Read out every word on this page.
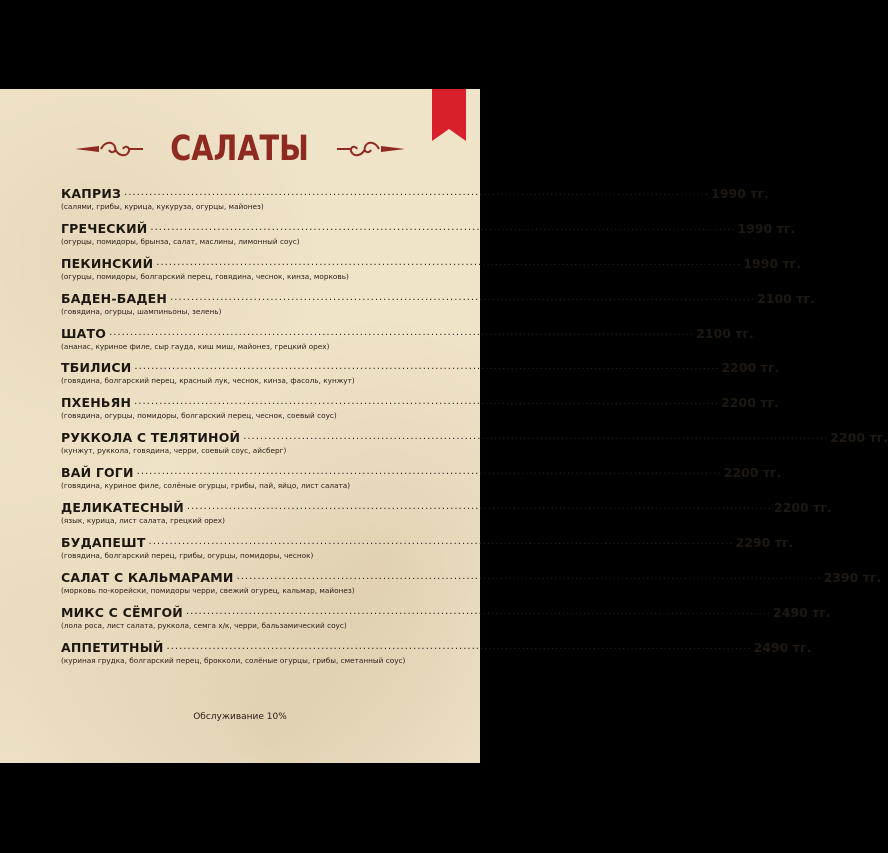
САЛАТЫ
КАПРИЗ ............................................................................................................................................ 1990 тг.
(салями, грибы, курица, кукуруза, огурцы, майонез)
ГРЕЧЕСКИЙ ............................................................................................................................................ 1990 тг.
(огурцы, помидоры, брынза, салат, маслины, лимонный соус)
ПЕКИНСКИЙ ............................................................................................................................................ 1990 тг.
(огурцы, помидоры, болгарский перец, говядина, чеснок, кинза, морковь)
БАДЕН-БАДЕН ............................................................................................................................................ 2100 тг.
(говядина, огурцы, шампиньоны, зелень)
ШАТО ............................................................................................................................................ 2100 тг.
(ананас, куриное филе, сыр гауда, киш миш, майонез, грецкий орех)
ТБИЛИСИ ............................................................................................................................................ 2200 тг.
(говядина, болгарский перец, красный лук, чеснок, кинза, фасоль, кунжут)
ПХЕНЬЯН ............................................................................................................................................ 2200 тг.
(говядина, огурцы, помидоры, болгарский перец, чеснок, соевый соус)
РУККОЛА С ТЕЛЯТИНОЙ ............................................................................................................................................ 2200 тг.
(кунжут, руккола, говядина, черри, соевый соус, айсберг)
ВАЙ ГОГИ ............................................................................................................................................ 2200 тг.
(говядина, куриное филе, солёные огурцы, грибы, пай, яйцо, лист салата)
ДЕЛИКАТЕСНЫЙ ............................................................................................................................................ 2200 тг.
(язык, курица, лист салата, грецкий орех)
БУДАПЕШТ ............................................................................................................................................ 2290 тг.
(говядина, болгарский перец, грибы, огурцы, помидоры, чеснок)
САЛАТ С КАЛЬМАРАМИ ............................................................................................................................................ 2390 тг.
(морковь по-корейски, помидоры черри, свежий огурец, кальмар, майонез)
МИКС С СЁМГОЙ ............................................................................................................................................ 2490 тг.
(лола роса, лист салата, руккола, семга х/к, черри, бальзамический соус)
АППЕТИТНЫЙ ............................................................................................................................................ 2490 тг.
(куриная грудка, болгарский перец, брокколи, солёные огурцы, грибы, сметанный соус)
Обслуживание 10%
